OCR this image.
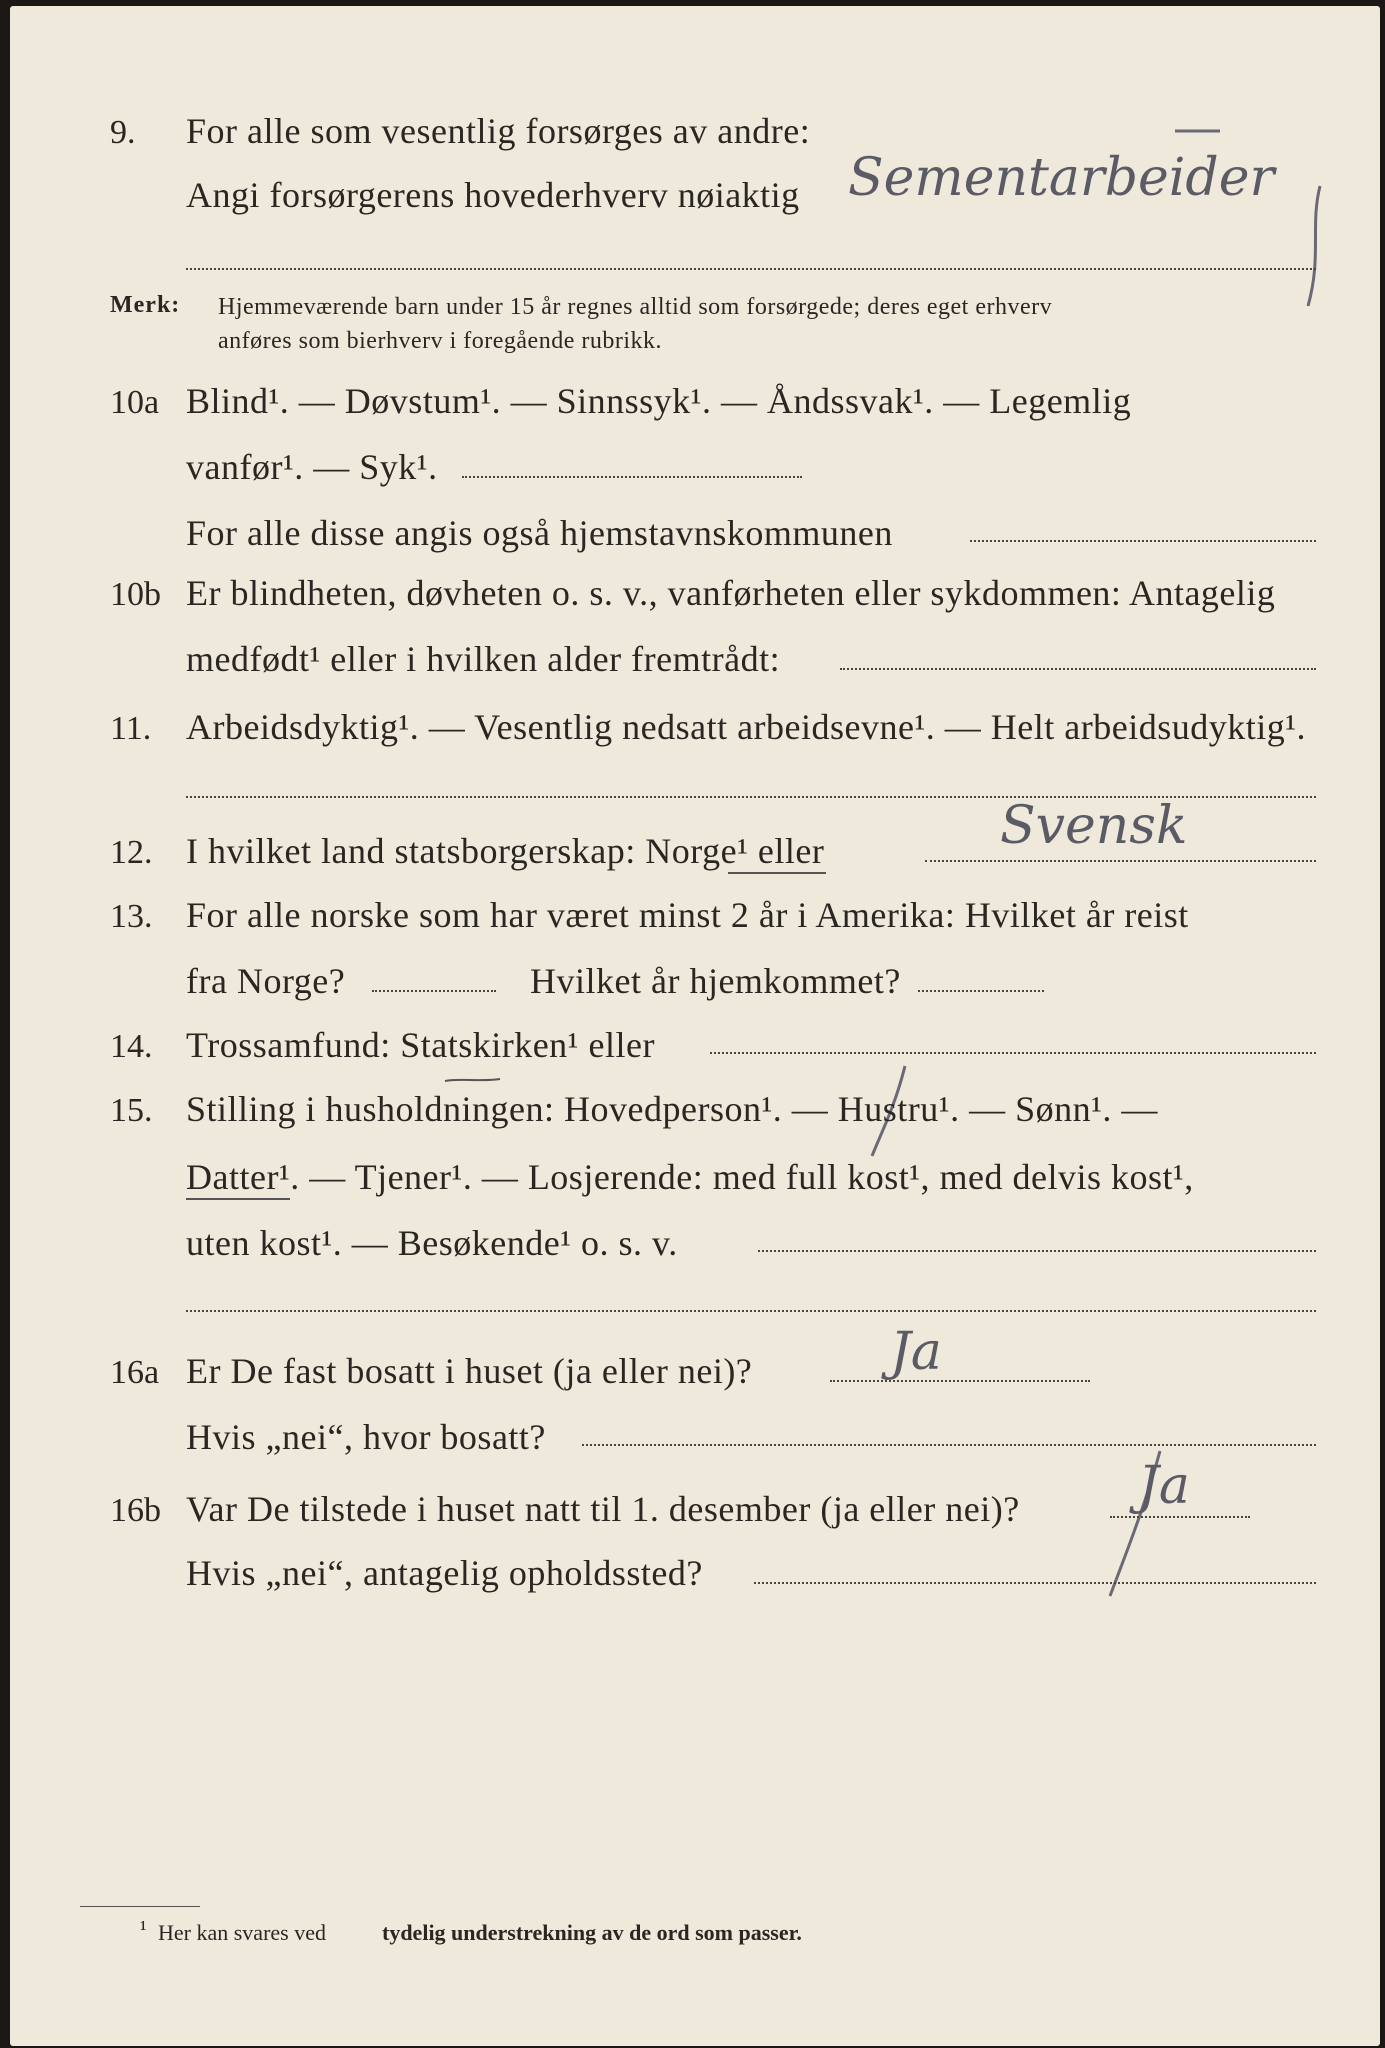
9. For alle som vesentlig forsørges av andre:
Angi forsørgerens hovederhverv nøiaktig Sementarbeider
Merk: Hjemmeværende barn under 15 år regnes alltid som forsørgede; deres eget erhverv
anføres som bierhverv i foregående rubrikk.
10a Blind¹. — Døvstum¹. — Sinnssyk¹. — Åndssvak¹. — Legemlig
vanfør¹. — Syk¹.
For alle disse angis også hjemstavnskommunen
10b Er blindheten, døvheten o. s. v., vanførheten eller sykdommen: Antagelig
medfødt¹ eller i hvilken alder fremtrådt:
11. Arbeidsdyktig¹. — Vesentlig nedsatt arbeidsevne¹. — Helt arbeidsudyktig¹.
12. I hvilket land statsborgerskap: Norge¹ eller	Svensk
13. For alle norske som har været minst 2 år i Amerika: Hvilket år reist
fra Norge?	Hvilket år hjemkommet?
14. Trossamfund: Statskirken¹ eller
15. Stilling i husholdningen: Hovedperson¹. — Hustru¹. — Sønn¹. —
Datter¹. — Tjener¹. — Losjerende: med full kost¹, med delvis kost¹,
uten kost¹. — Besøkende¹ o. s. v.
16a Er De fast bosatt i huset (ja eller nei)?	Ja
Hvis „nei“, hvor bosatt?
16b Var De tilstede i huset natt til 1. desember (ja eller nei)? Ja
Hvis „nei“, antagelig opholdssted?
¹ Her kan svares ved	tydelig understrekning av de ord som passer.
